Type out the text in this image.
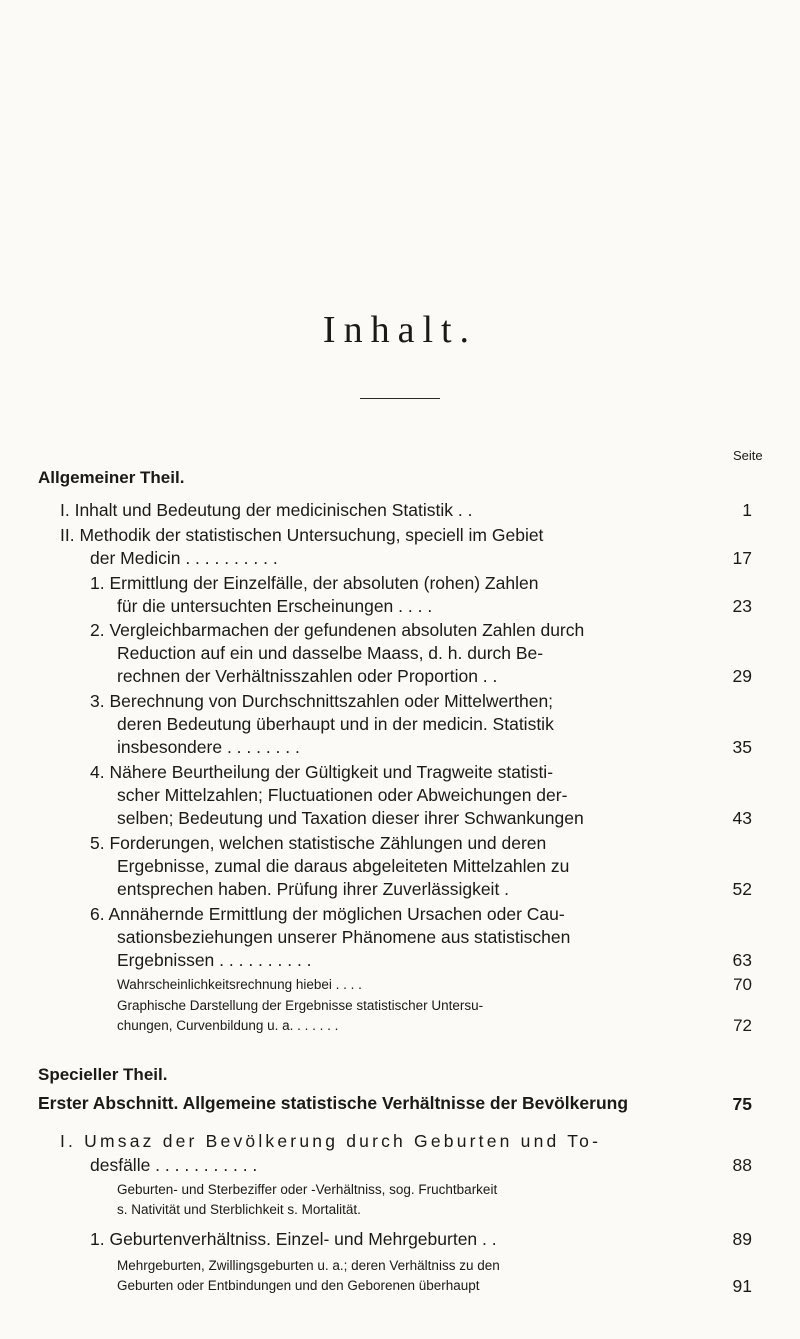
Inhalt.
Seite
Allgemeiner Theil.
I. Inhalt und Bedeutung der medicinischen Statistik . .	1
II. Methodik der statistischen Untersuchung, speciell im Gebiet
der Medicin . . . . . . . . . .	17
1. Ermittlung der Einzelfälle, der absoluten (rohen) Zahlen
für die untersuchten Erscheinungen . . . .	23
2. Vergleichbarmachen der gefundenen absoluten Zahlen durch
Reduction auf ein und dasselbe Maass, d. h. durch Be-
rechnen der Verhältnisszahlen oder Proportion . .	29
3. Berechnung von Durchschnittszahlen oder Mittelwerthen;
deren Bedeutung überhaupt und in der medicin. Statistik
insbesondere . . . . . . . .	35
4. Nähere Beurtheilung der Gültigkeit und Tragweite statisti-
scher Mittelzahlen; Fluctuationen oder Abweichungen der-
selben; Bedeutung und Taxation dieser ihrer Schwankungen	43
5. Forderungen, welchen statistische Zählungen und deren
Ergebnisse, zumal die daraus abgeleiteten Mittelzahlen zu
entsprechen haben. Prüfung ihrer Zuverlässigkeit .	52
6. Annähernde Ermittlung der möglichen Ursachen oder Cau-
sationsbeziehungen unserer Phänomene aus statistischen
Ergebnissen . . . . . . . . . .	63
Wahrscheinlichkeitsrechnung hiebei . . . .	70
Graphische Darstellung der Ergebnisse statistischer Untersu-
chungen, Curvenbildung u. a. . . . . . .	72
Specieller Theil.
Erster Abschnitt. Allgemeine statistische Verhältnisse der Bevölkerung	75
I. Umsaz der Bevölkerung durch Geburten und To-
desfälle . . . . . . . . . . .	88
Geburten- und Sterbeziffer oder -Verhältniss, sog. Fruchtbarkeit
s. Nativität und Sterblichkeit s. Mortalität.
1. Geburtenverhältniss. Einzel- und Mehrgeburten . .	89
Mehrgeburten, Zwillingsgeburten u. a.; deren Verhältniss zu den
Geburten oder Entbindungen und den Geborenen überhaupt	91
